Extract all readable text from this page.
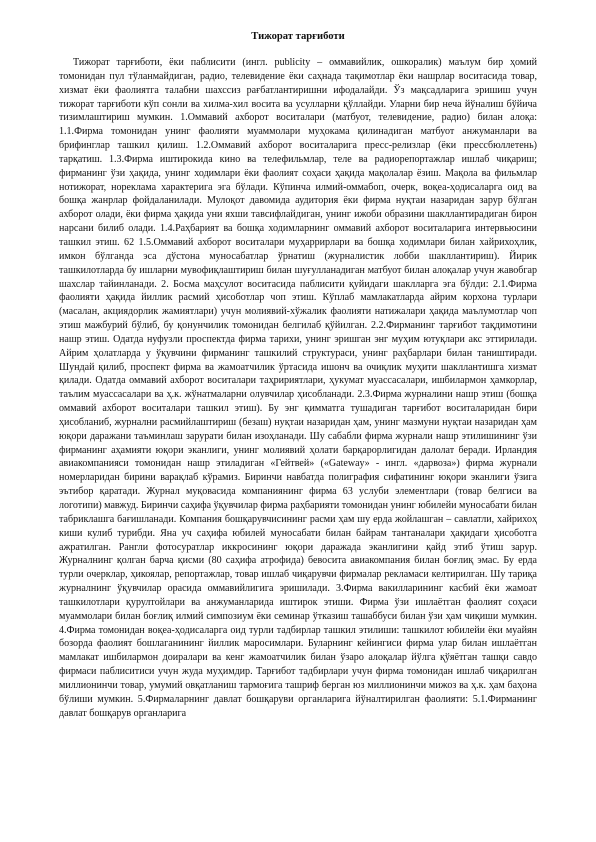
Тижорат тарғиботи

Тижорат тарғиботи, ёки паблисити (ингл. publicity – оммавийлик, ошкоралик) маълум бир ҳомий томонидан пул тўланмайдиган, радио, телевидение ёки саҳнада тақимотлар ёки нашрлар воситасида товар, хизмат ёки фаолиятга талабни шахссиз рағбатлантиришни ифодалайди. Ўз мақсадларига эришиш учун тижорат тарғиботи кўп сонли ва хилма-хил восита ва усулларни қўллайди. Уларни бир неча йўналиш бўйича тизимлаштириш мумкин. 1.Оммавий ахборот воситалари (матбуот, телевидение, радио) билан алоқа: 1.1.Фирма томонидан унинг фаолияти муаммолари муҳокама қилинадиган матбуот анжуманлари ва брифинглар ташкил қилиш. 1.2.Оммавий ахборот воситаларига пресс-релизлар (ёки прессбюллетень) тарқатиш. 1.3.Фирма иштирокида кино ва телефильмлар, теле ва радиорепортажлар ишлаб чиқариш; фирманинг ўзи ҳақида, унинг ходимлари ёки фаолият соҳаси ҳақида мақолалар ёзиш. Мақола ва фильмлар нотижорат, нореклама характерига эга бўлади. Кўпинча илмий-оммабоп, очерк, воқеа-ҳодисаларга оид ва бошқа жанрлар фойдаланилади. Мулоқот давомида аудитория ёки фирма нуқтаи назаридан зарур бўлган ахборот олади, ёки фирма ҳақида уни яхши тавсифлайдиган, унинг ижоби образини шакллантирадиган бирон нарсани билиб олади. 1.4.Раҳбарият ва бошқа ходимларнинг оммавий ахборот воситаларига интервьюсини ташкил этиш. 62 1.5.Оммавий ахборот воситалари муҳаррирлари ва бошқа ходимлари билан хайрихоҳлик, имкон бўлганда эса дўстона муносабатлар ўрнатиш (журналистик лобби шакллантириш). Йирик ташкилотларда бу ишларни мувофиқлаштириш билан шуғулланадиган матбуот билан алоқалар учун жавобгар шахслар тайинланади. 2. Босма маҳсулот воситасида паблисити қуйидаги шаклларга эга бўлди: 2.1.Фирма фаолияти ҳақида йиллик расмий ҳисоботлар чоп этиш. Кўплаб мамлакатларда айрим корхона турлари (масалан, акциядорлик жамиятлари) учун молиявий-хўжалик фаолияти натижалари ҳақида маълумотлар чоп этиш мажбурий бўлиб, бу қонунчилик томонидан белгилаб қўйилган. 2.2.Фирманинг тарғибот тақдимотини нашр этиш. Одатда нуфузли проспектда фирма тарихи, унинг эришган энг муҳим ютуқлари акс эттирилади. Айрим ҳолатларда у ўқувчини фирманинг ташкилий структураси, унинг раҳбарлари билан таништиради. Шундай қилиб, проспект фирма ва жамоатчилик ўртасида ишонч ва очиқлик муҳити шакллантишга хизмат қилади. Одатда оммавий ахборот воситалари таҳририятлари, ҳукумат муассасалари, ишбилармон ҳамкорлар, таълим муассасалари ва ҳ.к. жўнатмаларни олувчилар ҳисобланади. 2.3.Фирма журналини нашр этиш (бошқа оммавий ахборот воситалари ташкил этиш). Бу энг қимматга тушадиган тарғибот воситаларидан бири ҳисобланиб, журнални расмийлаштириш (безаш) нуқтаи назаридан ҳам, унинг мазмуни нуқтаи назаридан ҳам юқори даражани таъминлаш зарурати билан изоҳланади. Шу сабабли фирма журнали нашр этилишининг ўзи фирманинг аҳамияти юқори эканлиги, унинг молиявий ҳолати барқарорлигидан далолат беради. Ирландия авиакомпанияси томонидан нашр этиладиган «Гейтвей» («Gateway» - ингл. «дарвоза») фирма журнали номерларидан бирини варақлаб кўрамиз. Биринчи навбатда полиграфия сифатининг юқори эканлиги ўзига эътибор қаратади. Журнал муқовасида компаниянинг фирма 63 услуби элементлари (товар белгиси ва логотипи) мавжуд. Биринчи саҳифа ўқувчилар фирма раҳбарияти томонидан унинг юбилейи муносабати билан табриклашга бағишланади. Компания бошқарувчисининг расми ҳам шу ерда жойлашган – савлатли, хайрихоҳ киши кулиб турибди. Яна уч саҳифа юбилей муносабати билан байрам тантаналари ҳақидаги ҳисоботга ажратилган. Рангли фотосуратлар иккросининг юқори даражада эканлигини қайд этиб ўтиш зарур. Журналнинг қолган барча қисми (80 саҳифа атрофида) бевосита авиакомпания билан боғлиқ эмас. Бу ерда турли очерклар, ҳикоялар, репортажлар, товар ишлаб чиқарувчи фирмалар рекламаси келтирилган. Шу тариқа журналнинг ўқувчилар орасида оммавийлигига эришилади. 3.Фирма вакилларининг касбий ёки жамоат ташкилотлари қурултойлари ва анжуманларида иштирок этиши. Фирма ўзи ишлаётган фаолият соҳаси муаммолари билан боғлиқ илмий симпозиум ёки семинар ўтказиш ташаббуси билан ўзи ҳам чиқиши мумкин. 4.Фирма томонидан воқеа-ҳодисаларга оид турли тадбирлар ташкил этилиши: ташкилот юбилейи ёки муайян бозорда фаолият бошлаганининг йиллик маросимлари. Буларнинг кейингиси фирма улар билан ишлаётган мамлакат ишбилармон доиралари ва кенг жамоатчилик билан ўзаро алоқалар йўлга қўяётган ташқи савдо фирмаси паблиситиси учун жуда муҳимдир. Тарғибот тадбирлари учун фирма томонидан ишлаб чиқарилган миллионинчи товар, умумий овқатланиш тармоғига ташриф берган юз миллионинчи мижоз ва ҳ.к. ҳам баҳона бўлиши мумкин. 5.Фирмаларнинг давлат бошқаруви органларига йўналтирилган фаолияти: 5.1.Фирманинг давлат бошқарув органларига
